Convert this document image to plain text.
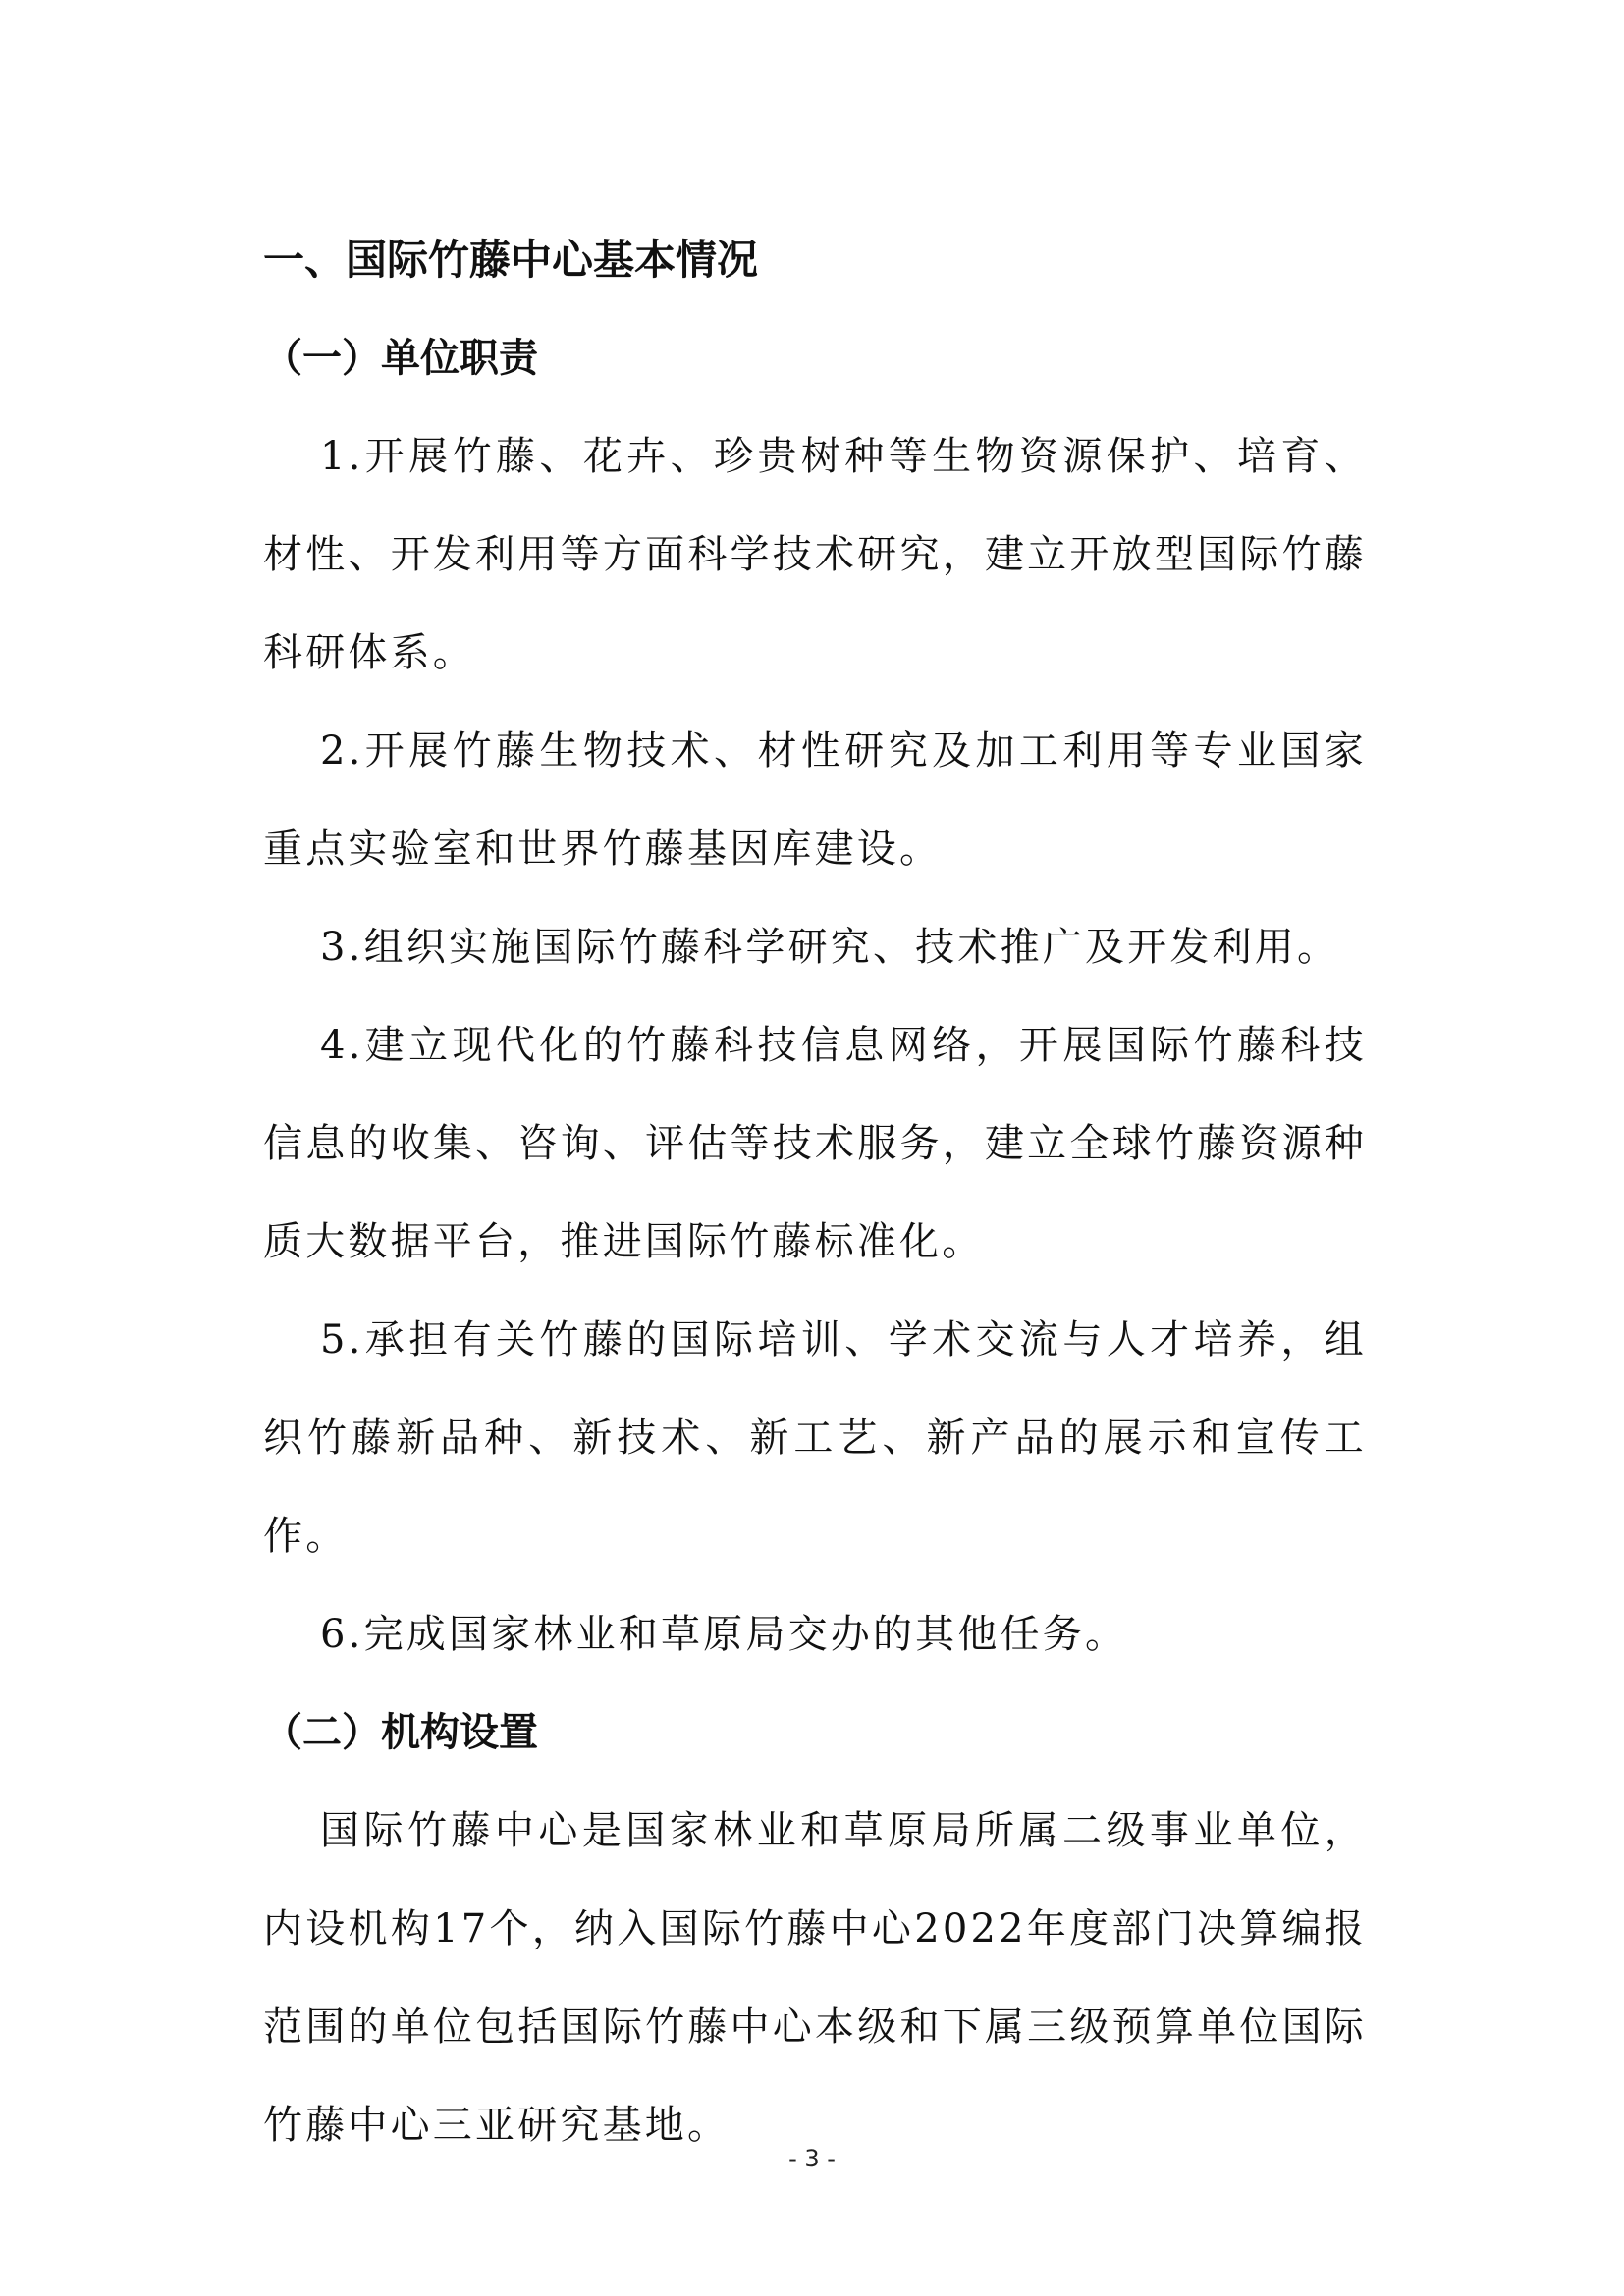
一、国际竹藤中心基本情况
（一）单位职责

1.开展竹藤、花卉、珍贵树种等生物资源保护、培育、材性、开发利用等方面科学技术研究，建立开放型国际竹藤科研体系。

2.开展竹藤生物技术、材性研究及加工利用等专业国家重点实验室和世界竹藤基因库建设。

3.组织实施国际竹藤科学研究、技术推广及开发利用。

4.建立现代化的竹藤科技信息网络，开展国际竹藤科技信息的收集、咨询、评估等技术服务，建立全球竹藤资源种质大数据平台，推进国际竹藤标准化。

5.承担有关竹藤的国际培训、学术交流与人才培养，组织竹藤新品种、新技术、新工艺、新产品的展示和宣传工作。

6.完成国家林业和草原局交办的其他任务。

（二）机构设置

国际竹藤中心是国家林业和草原局所属二级事业单位，内设机构17个，纳入国际竹藤中心2022年度部门决算编报范围的单位包括国际竹藤中心本级和下属三级预算单位国际竹藤中心三亚研究基地。

- 3 -
